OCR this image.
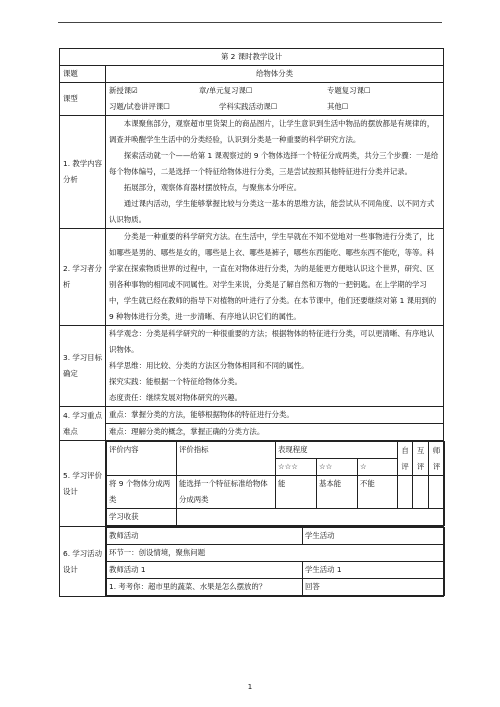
第 2 课时教学设计
课题	给物体分类
课型	
新授课☑	章/单元复习课☐	专题复习课☐
习题/试卷讲评课☐	学科实践活动课☐	其他☐

1. 教学内容分析	

本课聚焦部分，观察超市里货架上的商品图片，让学生意识到生活中物品的摆放都是有规律的，调查并唤醒学生生活中的分类经验，认识到分类是一种重要的科学研究方法。

探索活动就一个——给第 1 课观察过的 9 个物体选择一个特征分成两类，共分三个步骤：一是给每个物体编号，二是选择一个特征给物体进行分类，三是尝试按照其他特征进行分类并记录。

拓展部分，观察体育器材摆放特点，与聚焦本分呼应。

通过课内活动，学生能够掌握比较与分类这一基本的思维方法，能尝试从不同角度、以不同方式认识物质。

2. 学习者分析	

分类是一种重要的科学研究方法。在生活中，学生早就在不知不觉地对一些事物进行分类了，比如哪些是男的、哪些是女的，哪些是上衣、哪些是裤子，哪些东西能吃、哪些东西不能吃，等等。科学家在探索物质世界的过程中，一直在对物体进行分类，为的是能更方便地认识这个世界，研究、区别各种事物的相同或不同属性。对学生来说，分类是了解自然和万物的一把钥匙。在上学期的学习中，学生就已经在教师的指导下对植物的叶进行了分类。在本节课中，他们还要继续对第 1 课用到的 9 种物体进行分类，进一步清晰、有序地认识它们的属性。

3. 学习目标确定	

科学观念：分类是科学研究的一种很重要的方法；根据物体的特征进行分类，可以更清晰、有序地认识物体。

科学思维：用比较、分类的方法区分物体相同和不同的属性。

探究实践：能根据一个特征给物体分类。

态度责任：继续发展对物体研究的兴趣。

4. 学习重点难点	重点：掌握分类的方法，能够根据物体的特征进行分类。
难点：理解分类的概念，掌握正确的分类方法。
5. 学习评价设计	
评价内容	评价指标	表现程度	自评	互评	师评
☆☆☆	☆☆	☆
将 9 个物体分成两类	能选择一个特征标准给物体分成两类	能	基本能	不能			
学习收获	

6. 学习活动设计	
教师活动	学生活动
环节一：创设情境，聚焦问题
教师活动 1	学生活动 1
1. 考考你：超市里的蔬菜、水果是怎么摆放的？	回答
1
